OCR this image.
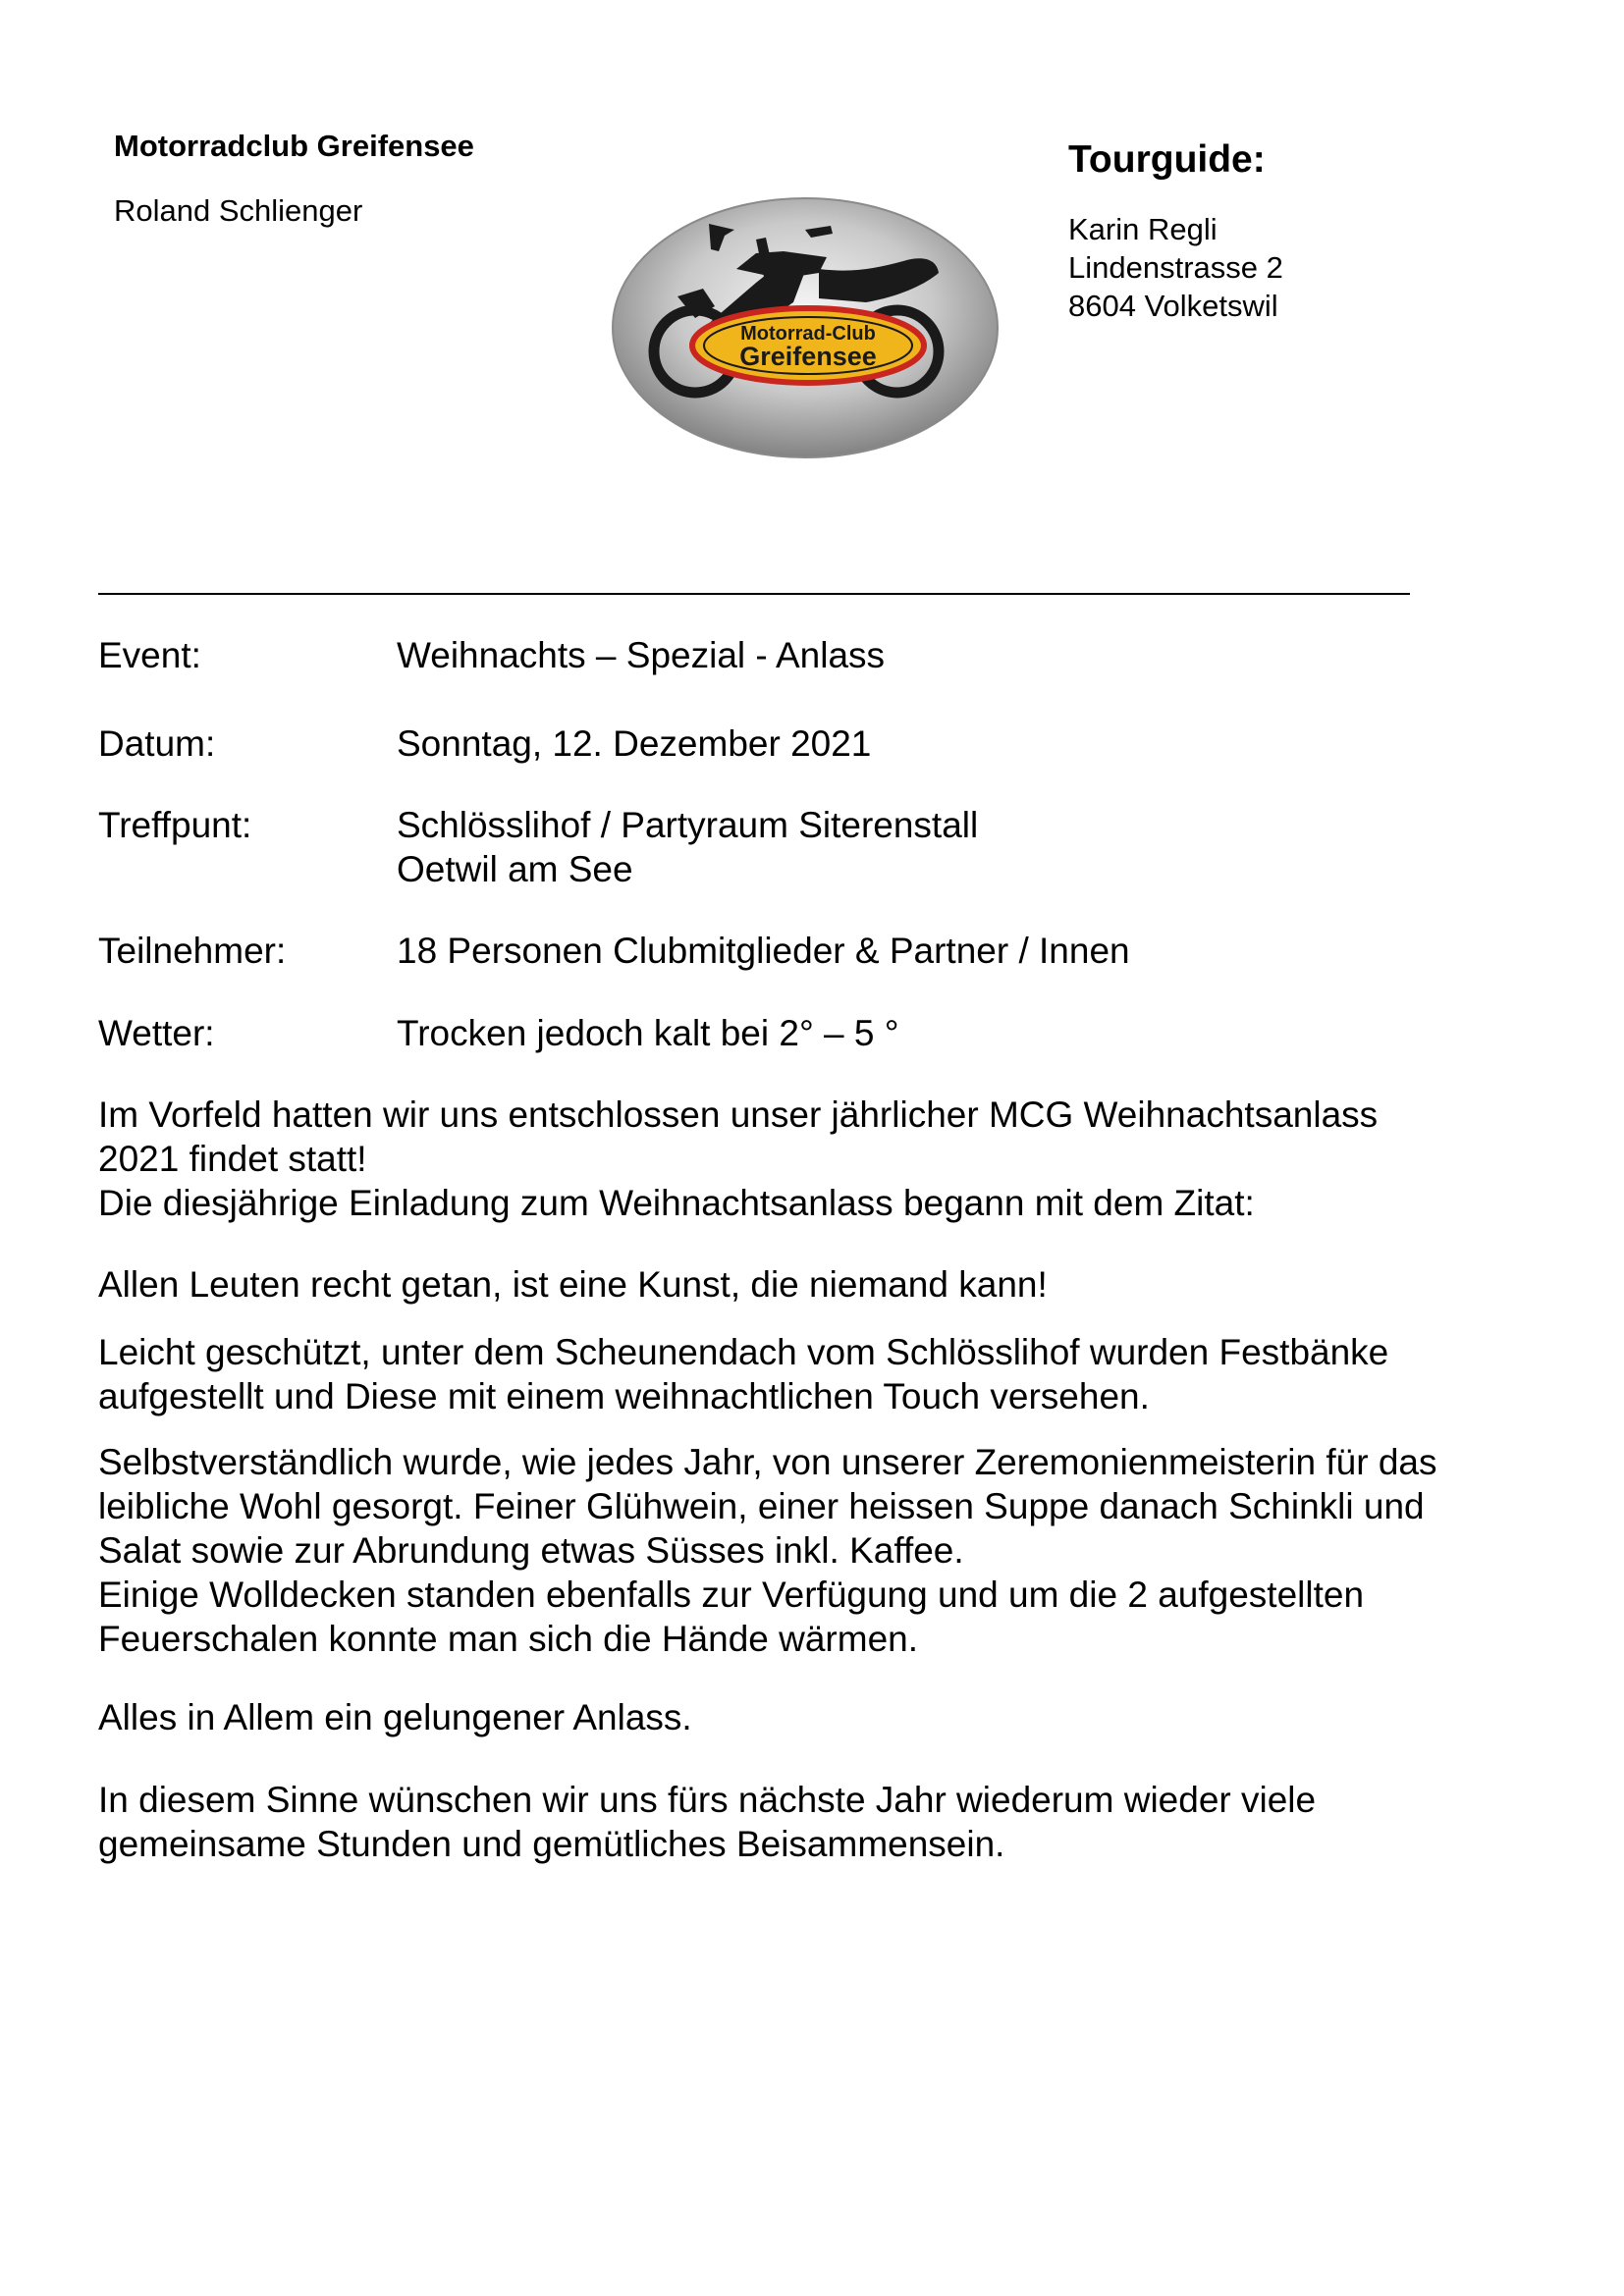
Motorradclub Greifensee
Roland Schlienger
Motorrad-Club
Greifensee
Tourguide:
Karin Regli
Lindenstrasse 2
8604 Volketswil
Event:	Weihnachts – Spezial - Anlass
Datum:	Sonntag, 12. Dezember 2021
Treffpunt:	Schlösslihof / Partyraum Siterenstall
Oetwil am See
Teilnehmer:	18 Personen Clubmitglieder & Partner / Innen
Wetter:	Trocken jedoch kalt bei 2° – 5 °
Im Vorfeld hatten wir uns entschlossen unser jährlicher MCG Weihnachtsanlass
2021 findet statt!
Die diesjährige Einladung zum Weihnachtsanlass begann mit dem Zitat:
Allen Leuten recht getan, ist eine Kunst, die niemand kann!
Leicht geschützt, unter dem Scheunendach vom Schlösslihof wurden Festbänke
aufgestellt und Diese mit einem weihnachtlichen Touch versehen.
Selbstverständlich wurde, wie jedes Jahr, von unserer Zeremonienmeisterin für das
leibliche Wohl gesorgt. Feiner Glühwein, einer heissen Suppe danach Schinkli und
Salat sowie zur Abrundung etwas Süsses inkl. Kaffee.
Einige Wolldecken standen ebenfalls zur Verfügung und um die 2 aufgestellten
Feuerschalen konnte man sich die Hände wärmen.
Alles in Allem ein gelungener Anlass.
In diesem Sinne wünschen wir uns fürs nächste Jahr wiederum wieder viele
gemeinsame Stunden und gemütliches Beisammensein.
